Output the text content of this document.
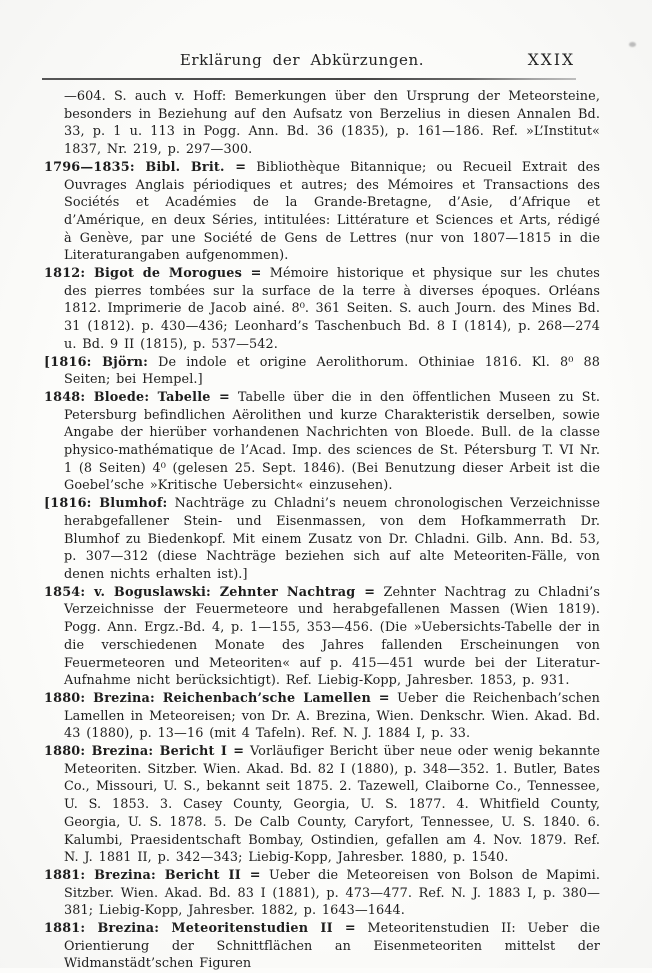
Erklärung der Abkürzungen.	XXIX

—604. S. auch v. Hoff: Bemerkungen über den Ursprung der Meteorsteine, besonders in Beziehung auf den Aufsatz von Berzelius in diesen Annalen Bd. 33, p. 1 u. 113 in Pogg. Ann. Bd. 36 (1835), p. 161—186. Ref. »L’Institut« 1837, Nr. 219, p. 297—300.

1796—1835: Bibl. Brit. = Bibliothèque Bitannique; ou Recueil Extrait des Ouvrages Anglais périodiques et autres; des Mémoires et Transactions des Sociétés et Académies de la Grande-Bretagne, d’Asie, d’Afrique et d’Amérique, en deux Séries, intitulées: Littérature et Sciences et Arts, rédigé à Genève, par une Société de Gens de Lettres (nur von 1807—1815 in die Literaturangaben aufgenommen).

1812: Bigot de Morogues = Mémoire historique et physique sur les chutes des pierres tombées sur la surface de la terre à diverses époques. Orléans 1812. Imprimerie de Jacob ainé. 8⁰. 361 Seiten. S. auch Journ. des Mines Bd. 31 (1812). p. 430—436; Leonhard’s Taschenbuch Bd. 8 I (1814), p. 268—274 u. Bd. 9 II (1815), p. 537—542.

[1816: Björn: De indole et origine Aerolithorum. Othiniae 1816. Kl. 8⁰ 88 Seiten; bei Hempel.]

1848: Bloede: Tabelle = Tabelle über die in den öffentlichen Museen zu St. Petersburg befindlichen Aërolithen und kurze Charakteristik derselben, sowie Angabe der hierüber vorhandenen Nachrichten von Bloede. Bull. de la classe physico-mathématique de l’Acad. Imp. des sciences de St. Pétersburg T. VI Nr. 1 (8 Seiten) 4⁰ (gelesen 25. Sept. 1846). (Bei Benutzung dieser Arbeit ist die Goebel’sche »Kritische Uebersicht« einzusehen).

[1816: Blumhof: Nachträge zu Chladni’s neuem chronologischen Verzeichnisse herabgefallener Stein- und Eisenmassen, von dem Hofkammerrath Dr. Blumhof zu Biedenkopf. Mit einem Zusatz von Dr. Chladni. Gilb. Ann. Bd. 53, p. 307—312 (diese Nachträge beziehen sich auf alte Meteoriten-Fälle, von denen nichts erhalten ist).]

1854: v. Boguslawski: Zehnter Nachtrag = Zehnter Nachtrag zu Chladni’s Verzeichnisse der Feuermeteore und herabgefallenen Massen (Wien 1819). Pogg. Ann. Ergz.-Bd. 4, p. 1—155, 353—456. (Die »Uebersichts-Tabelle der in die verschiedenen Monate des Jahres fallenden Erscheinungen von Feuermeteoren und Meteoriten« auf p. 415—451 wurde bei der Literatur-Aufnahme nicht berücksichtigt). Ref. Liebig-Kopp, Jahresber. 1853, p. 931.

1880: Brezina: Reichenbach’sche Lamellen = Ueber die Reichenbach’schen Lamellen in Meteoreisen; von Dr. A. Brezina, Wien. Denkschr. Wien. Akad. Bd. 43 (1880), p. 13—16 (mit 4 Tafeln). Ref. N. J. 1884 I, p. 33.

1880: Brezina: Bericht I = Vorläufiger Bericht über neue oder wenig bekannte Meteoriten. Sitzber. Wien. Akad. Bd. 82 I (1880), p. 348—352. 1. Butler, Bates Co., Missouri, U. S., bekannt seit 1875. 2. Tazewell, Claiborne Co., Tennessee, U. S. 1853. 3. Casey County, Georgia, U. S. 1877. 4. Whitfield County, Georgia, U. S. 1878. 5. De Calb County, Caryfort, Tennessee, U. S. 1840. 6. Kalumbi, Praesidentschaft Bombay, Ostindien, gefallen am 4. Nov. 1879. Ref. N. J. 1881 II, p. 342—343; Liebig-Kopp, Jahresber. 1880, p. 1540.

1881: Brezina: Bericht II = Ueber die Meteoreisen von Bolson de Mapimi. Sitzber. Wien. Akad. Bd. 83 I (1881), p. 473—477. Ref. N. J. 1883 I, p. 380—381; Liebig-Kopp, Jahresber. 1882, p. 1643—1644.

1881: Brezina: Meteoritenstudien II = Meteoritenstudien II: Ueber die Orientierung der Schnittflächen an Eisenmeteoriten mittelst der Widmanstädt’schen Figuren
